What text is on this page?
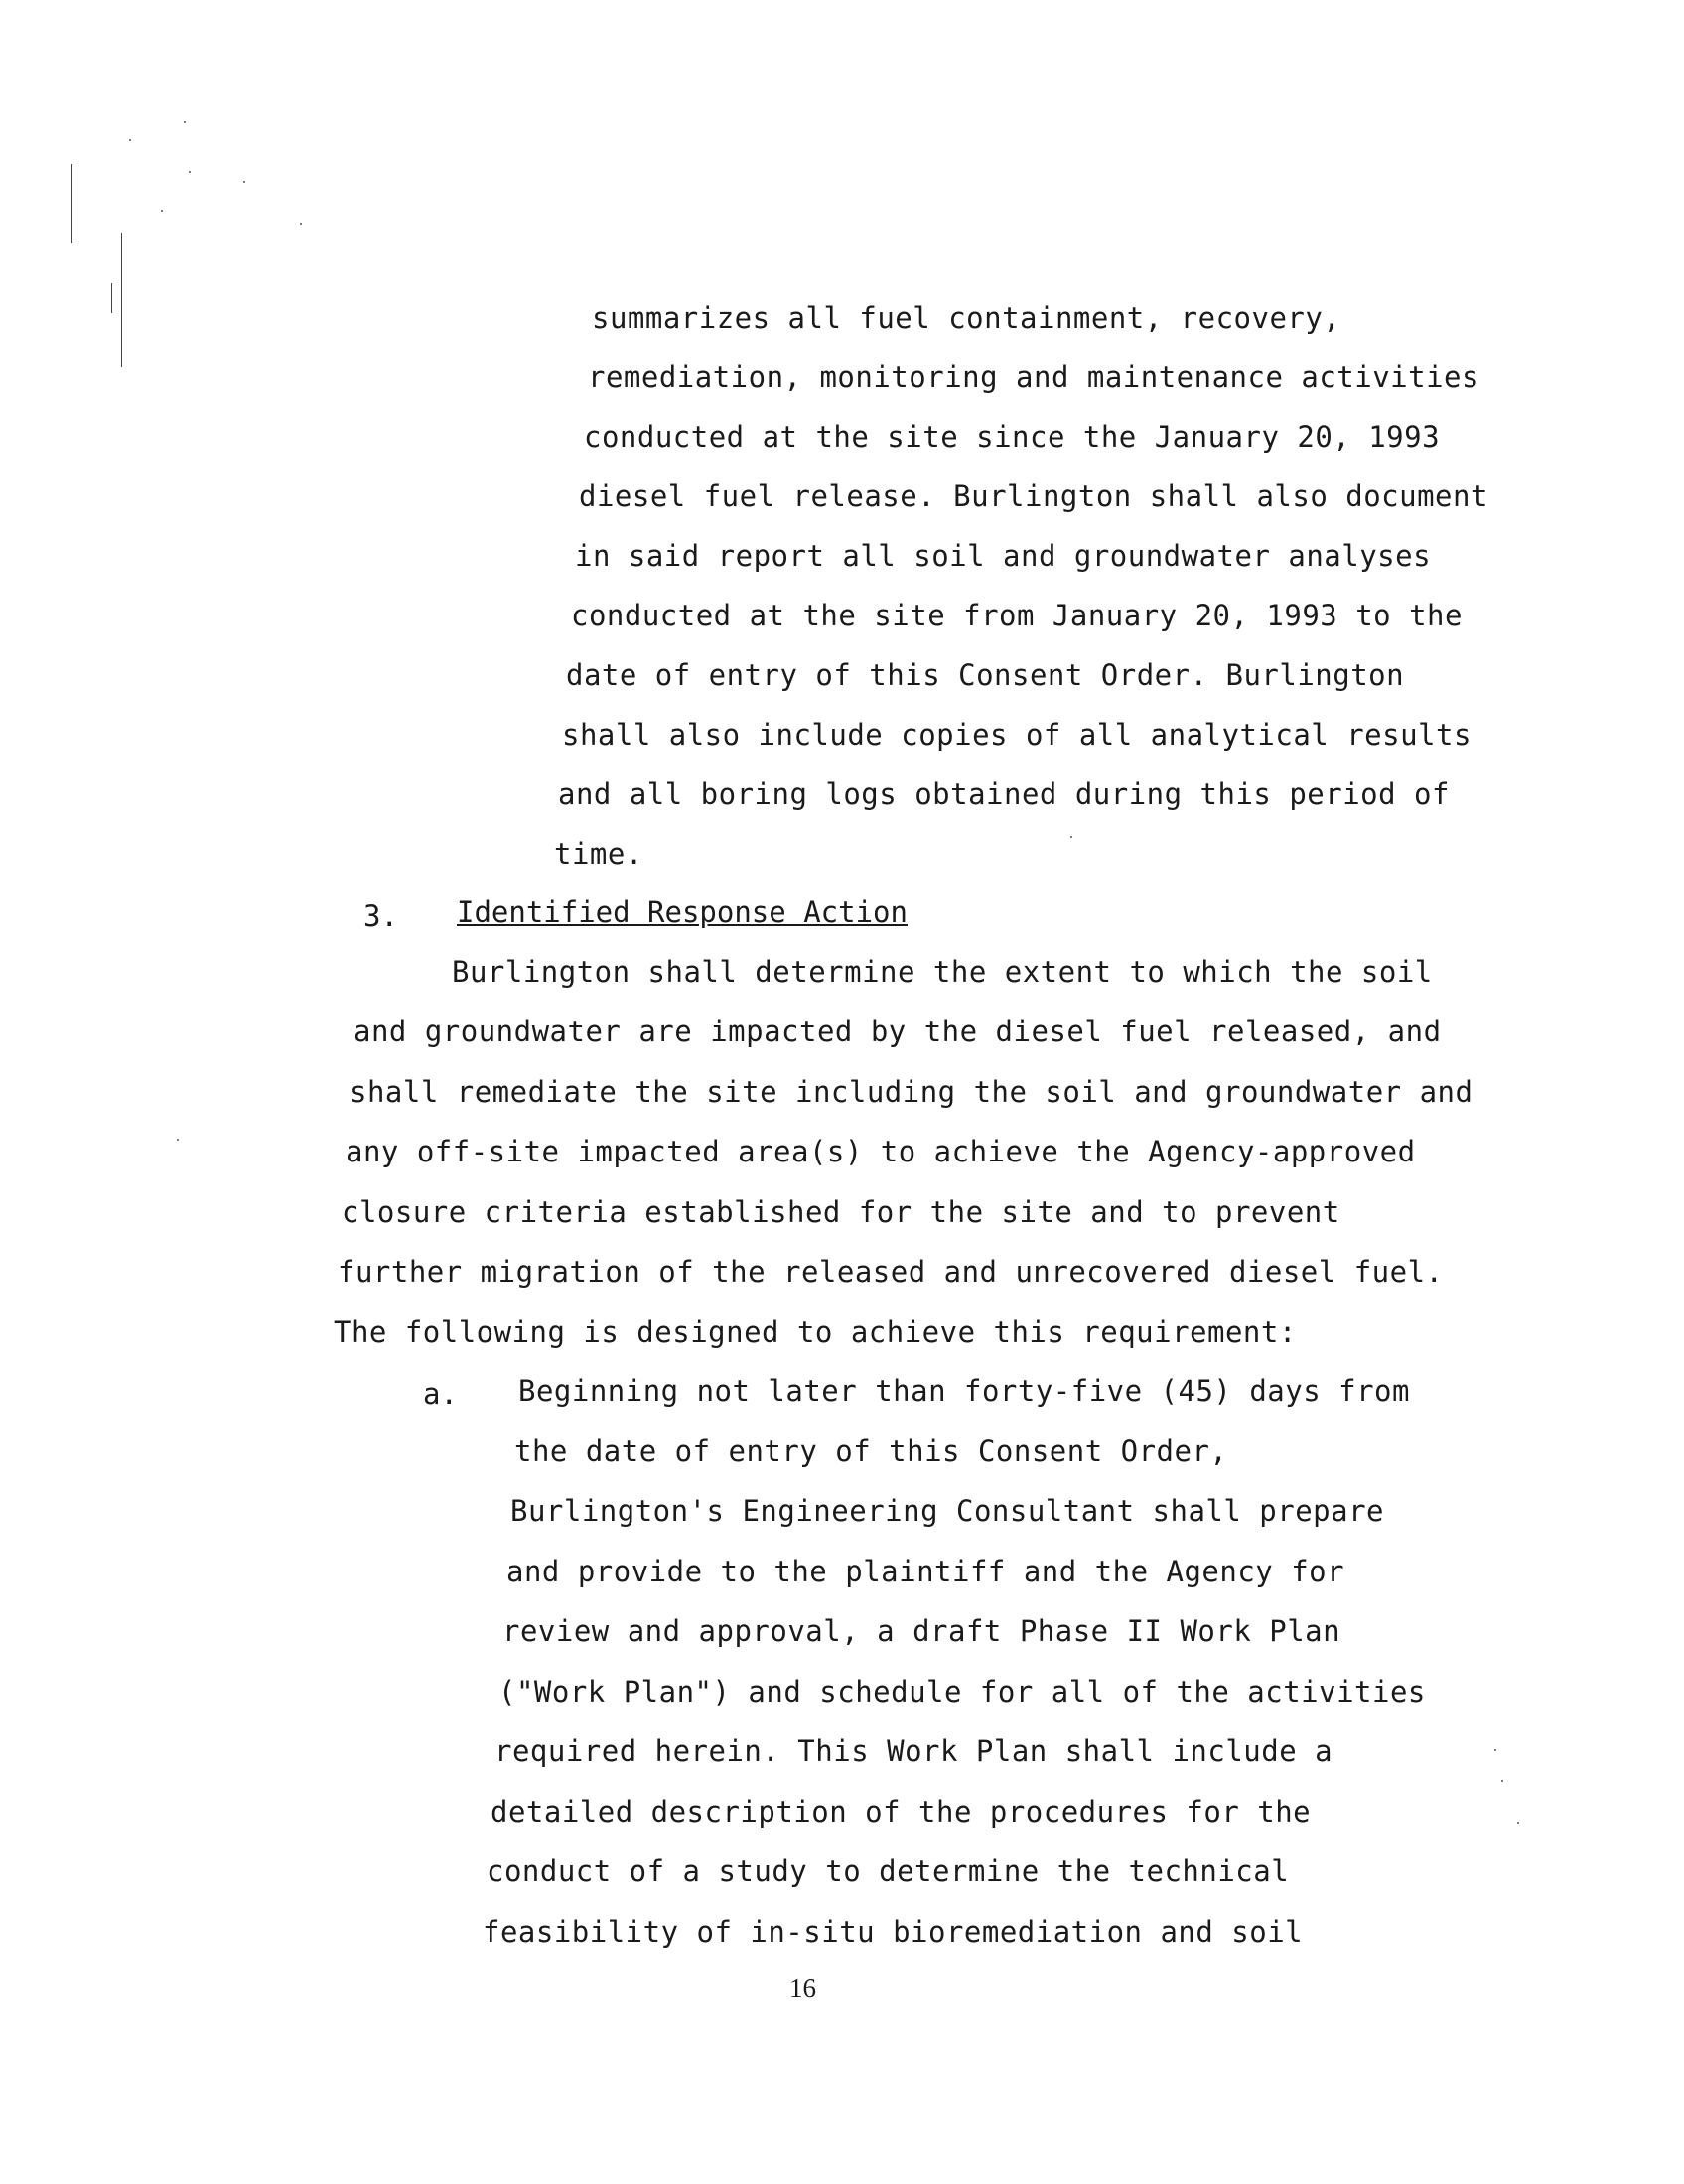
summarizes all fuel containment, recovery,
remediation, monitoring and maintenance activities
conducted at the site since the January 20, 1993
diesel fuel release. Burlington shall also document
in said report all soil and groundwater analyses
conducted at the site from January 20, 1993 to the
date of entry of this Consent Order. Burlington
shall also include copies of all analytical results
and all boring logs obtained during this period of
time.
3. Identified Response Action
Burlington shall determine the extent to which the soil
and groundwater are impacted by the diesel fuel released, and
shall remediate the site including the soil and groundwater and
any off-site impacted area(s) to achieve the Agency-approved
closure criteria established for the site and to prevent
further migration of the released and unrecovered diesel fuel.
The following is designed to achieve this requirement:
a. Beginning not later than forty-five (45) days from
the date of entry of this Consent Order,
Burlington's Engineering Consultant shall prepare
and provide to the plaintiff and the Agency for
review and approval, a draft Phase II Work Plan
("Work Plan") and schedule for all of the activities
required herein. This Work Plan shall include a
detailed description of the procedures for the
conduct of a study to determine the technical
feasibility of in-situ bioremediation and soil
16
